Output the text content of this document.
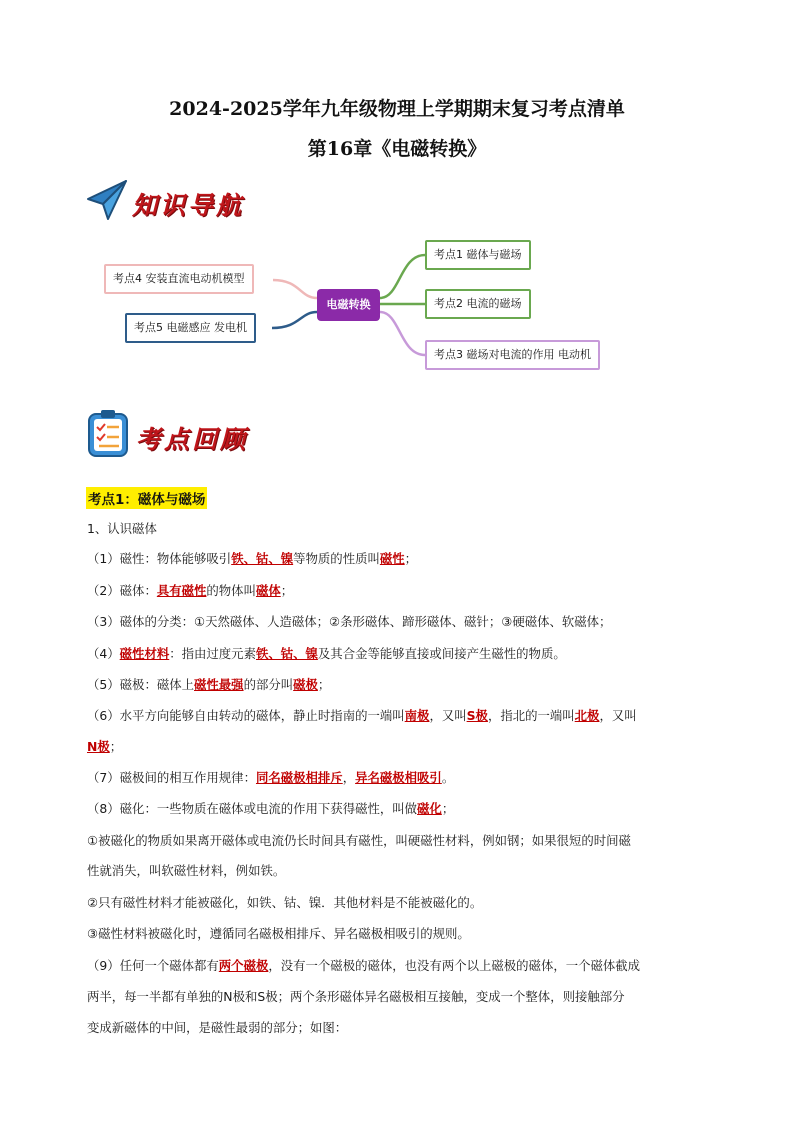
2024-2025学年九年级物理上学期期末复习考点清单
第16章《电磁转换》
知识导航
电磁转换
考点1 磁体与磁场
考点2 电流的磁场
考点3 磁场对电流的作用 电动机
考点4 安装直流电动机模型
考点5 电磁感应 发电机
考点回顾
考点1：磁体与磁场
1、认识磁体
（1）磁性：物体能够吸引铁、钴、镍等物质的性质叫磁性；
（2）磁体：具有磁性的物体叫磁体；
（3）磁体的分类：①天然磁体、人造磁体；②条形磁体、蹄形磁体、磁针；③硬磁体、软磁体；
（4）磁性材料：指由过度元素铁、钴、镍及其合金等能够直接或间接产生磁性的物质。
（5）磁极：磁体上磁性最强的部分叫磁极；
（6）水平方向能够自由转动的磁体，静止时指南的一端叫南极，又叫S极，指北的一端叫北极，又叫
N极；
（7）磁极间的相互作用规律：同名磁极相排斥，异名磁极相吸引。
（8）磁化：一些物质在磁体或电流的作用下获得磁性，叫做磁化；
①被磁化的物质如果离开磁体或电流仍长时间具有磁性，叫硬磁性材料，例如钢；如果很短的时间磁
性就消失，叫软磁性材料，例如铁。
②只有磁性材料才能被磁化，如铁、钴、镍．其他材料是不能被磁化的。
③磁性材料被磁化时，遵循同名磁极相排斥、异名磁极相吸引的规则。
（9）任何一个磁体都有两个磁极，没有一个磁极的磁体，也没有两个以上磁极的磁体，一个磁体截成
两半，每一半都有单独的N极和S极；两个条形磁体异名磁极相互接触，变成一个整体，则接触部分
变成新磁体的中间，是磁性最弱的部分；如图：
